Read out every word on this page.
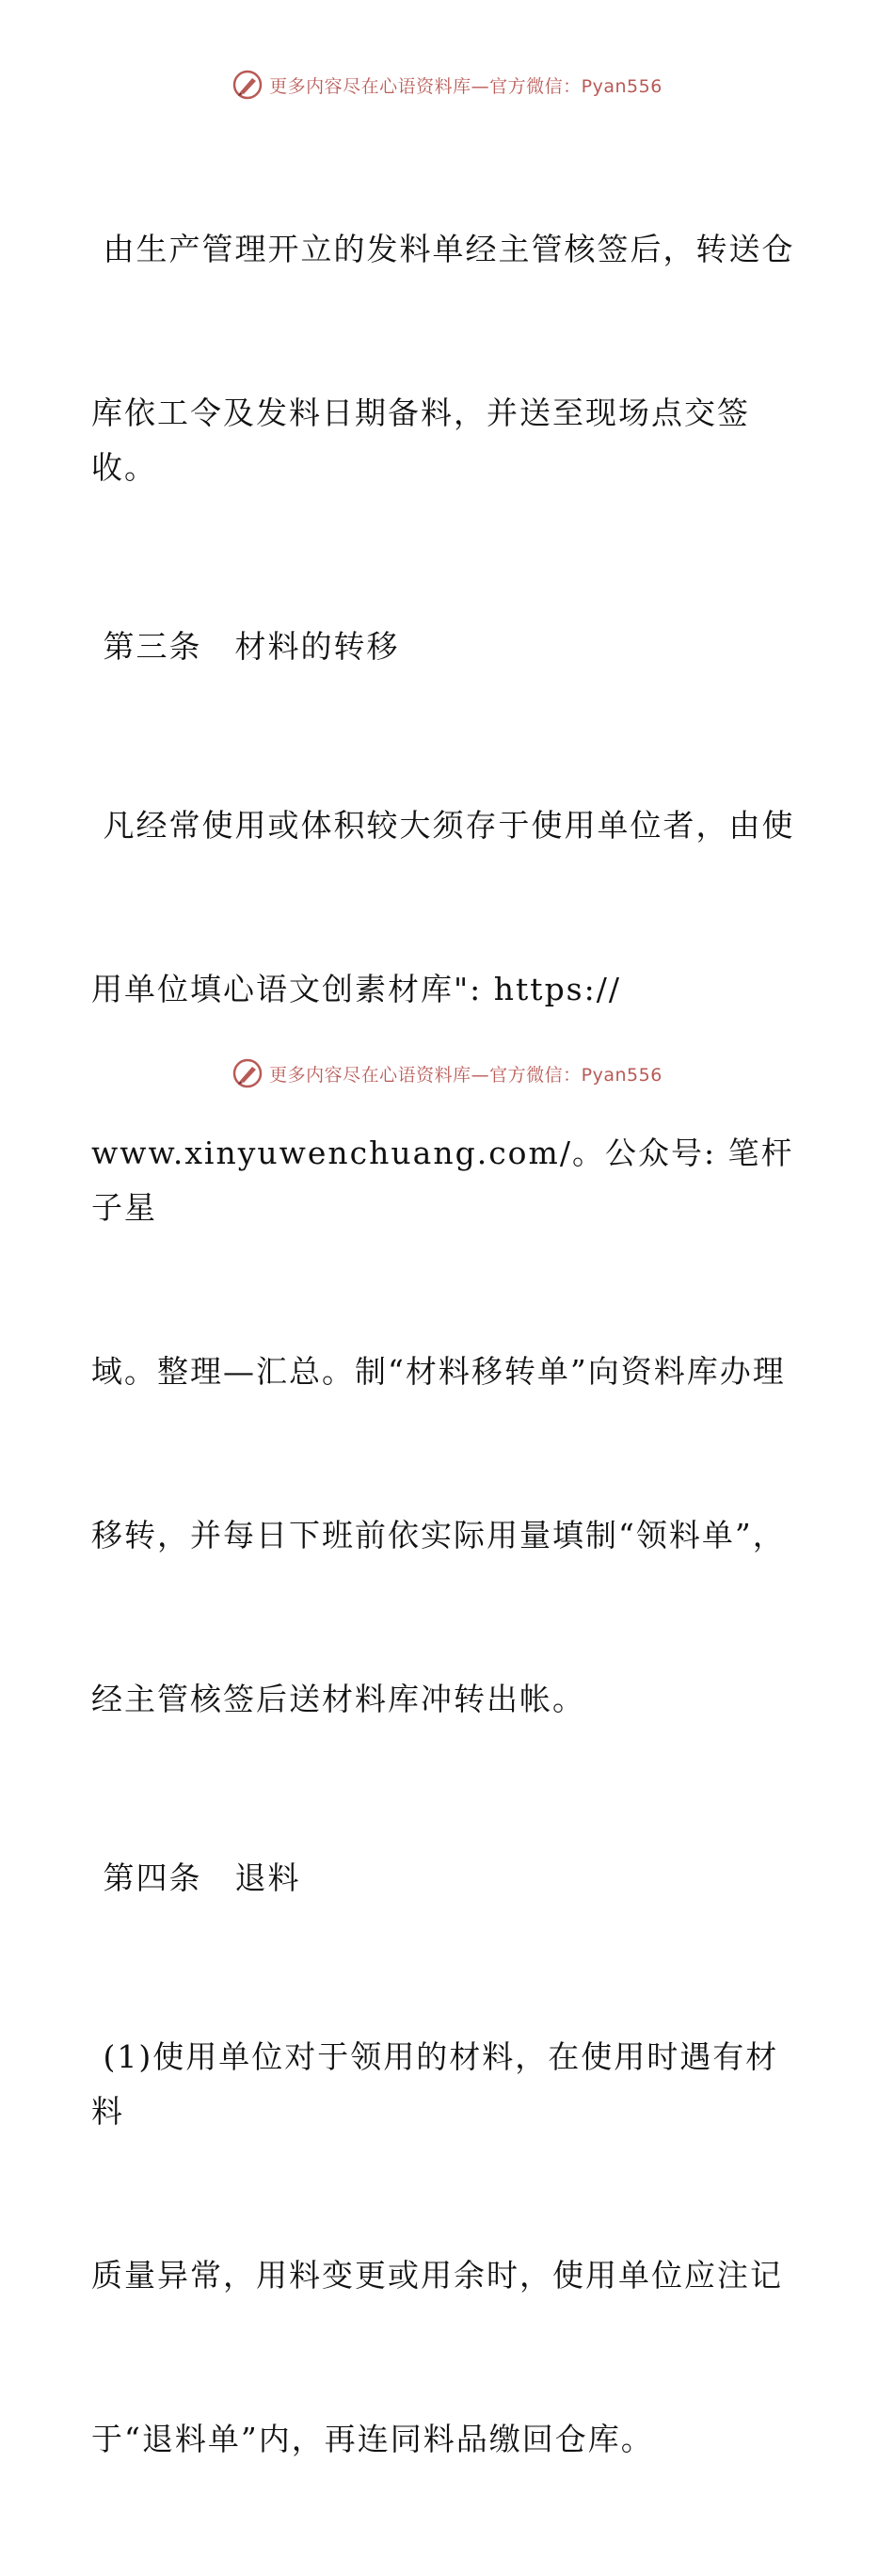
更多内容尽在心语资料库—官方微信：Pyan556

由生产管理开立的发料单经主管核签后，转送仓

库依工令及发料日期备料，并送至现场点交签收。

第三条　材料的转移

凡经常使用或体积较大须存于使用单位者，由使

用单位填心语文创素材库": https://

www.xinyuwenchuang.com/。公众号: 笔杆子星

域。整理—汇总。制“材料移转单”向资料库办理

移转，并每日下班前依实际用量填制“领料单”，

经主管核签后送材料库冲转出帐。

第四条　退料

(1)使用单位对于领用的材料，在使用时遇有材料

质量异常，用料变更或用余时，使用单位应注记

于“退料单”内，再连同料品缴回仓库。

更多内容尽在心语资料库—官方微信：Pyan556
